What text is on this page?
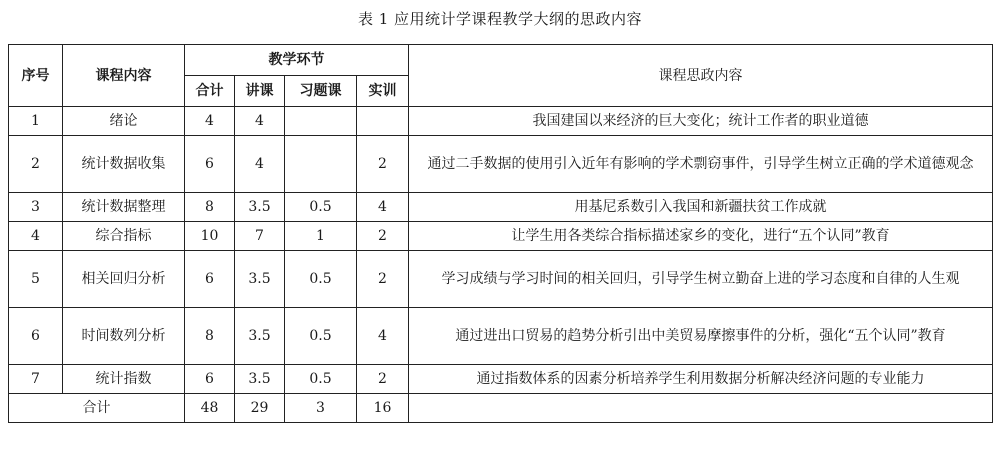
表 1 应用统计学课程教学大纲的思政内容
序号	课程内容	教学环节				课程思政内容
		合计	讲课	习题课	实训	
1	绪论	4	4			我国建国以来经济的巨大变化；统计工作者的职业道德
2	统计数据收集	6	4		2	通过二手数据的使用引入近年有影响的学术剽窃事件，引导学生树立正确的学术道德观念
3	统计数据整理	8	3.5	0.5	4	用基尼系数引入我国和新疆扶贫工作成就
4	综合指标	10	7	1	2	让学生用各类综合指标描述家乡的变化，进行“五个认同”教育
5	相关回归分析	6	3.5	0.5	2	学习成绩与学习时间的相关回归，引导学生树立勤奋上进的学习态度和自律的人生观
6	时间数列分析	8	3.5	0.5	4	通过进出口贸易的趋势分析引出中美贸易摩擦事件的分析，强化“五个认同”教育
7	统计指数	6	3.5	0.5	2	通过指数体系的因素分析培养学生利用数据分析解决经济问题的专业能力
合计		48	29	3	16	
